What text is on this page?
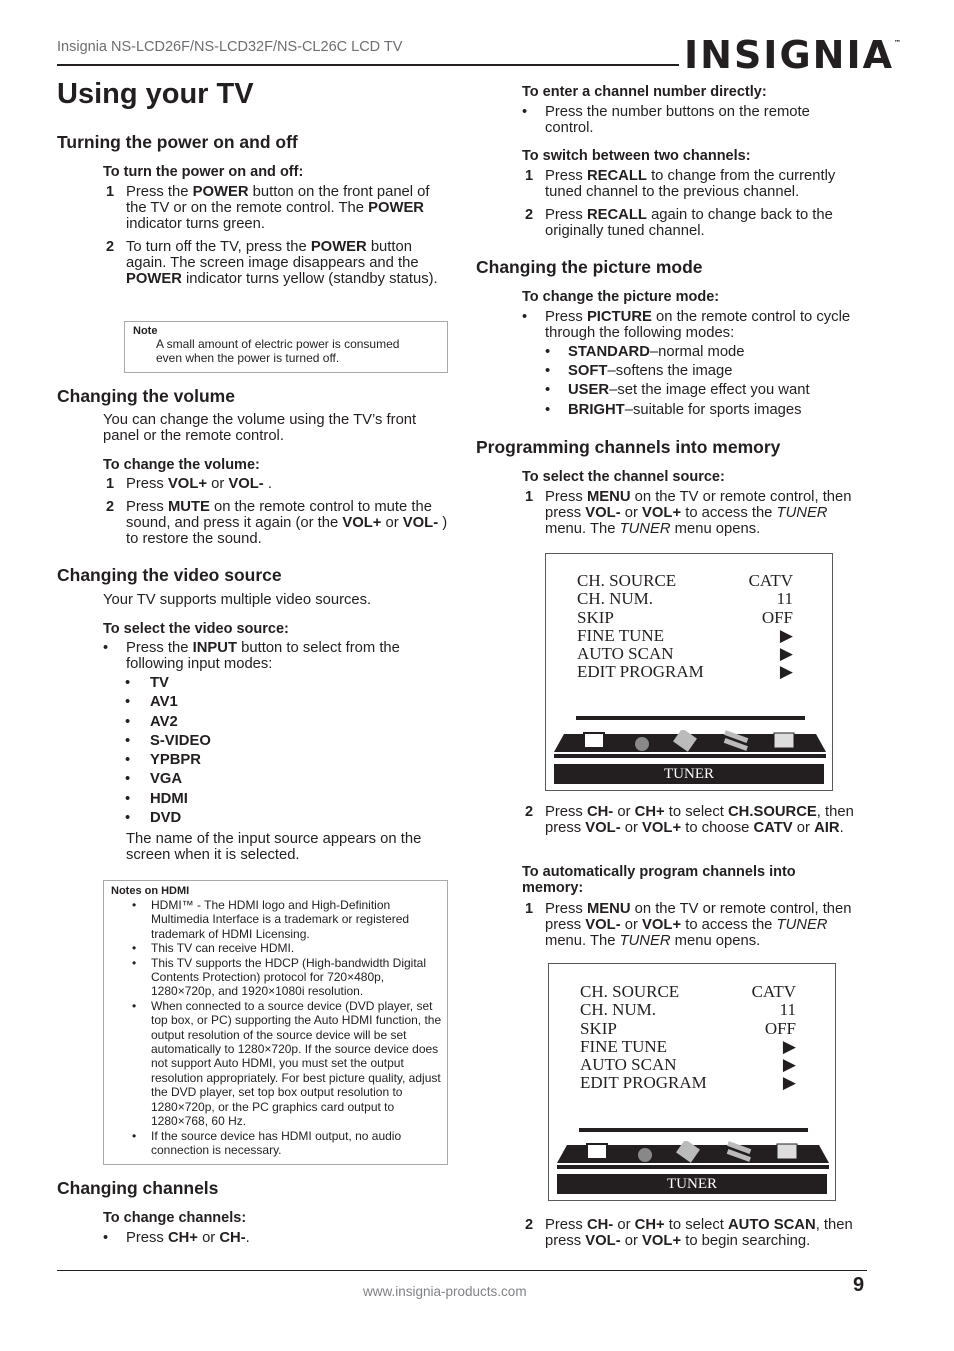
Insignia NS-LCD26F/NS-LCD32F/NS-CL26C LCD TV	INSIGNIA™
Using your TV
Turning the power on and off
To turn the power on and off:
1 Press the POWER button on the front panel of the TV or on the remote control. The POWER indicator turns green.
2 To turn off the TV, press the POWER button again. The screen image disappears and the POWER indicator turns yellow (standby status).
Note
A small amount of electric power is consumed even when the power is turned off.
Changing the volume
You can change the volume using the TV’s front panel or the remote control.
To change the volume:
1 Press VOL+ or VOL- .
2 Press MUTE on the remote control to mute the sound, and press it again (or the VOL+ or VOL- ) to restore the sound.
Changing the video source
Your TV supports multiple video sources.
To select the video source:
• Press the INPUT button to select from the following input modes:
• TV
• AV1
• AV2
• S-VIDEO
• YPBPR
• VGA
• HDMI
• DVD
The name of the input source appears on the screen when it is selected.
Notes on HDMI
• HDMI™ - The HDMI logo and High-Definition Multimedia Interface is a trademark or registered trademark of HDMI Licensing.
• This TV can receive HDMI.
• This TV supports the HDCP (High-bandwidth Digital Contents Protection) protocol for 720×480p, 1280×720p, and 1920×1080i resolution.
• When connected to a source device (DVD player, set top box, or PC) supporting the Auto HDMI function, the output resolution of the source device will be set automatically to 1280×720p. If the source device does not support Auto HDMI, you must set the output resolution appropriately. For best picture quality, adjust the DVD player, set top box output resolution to 1280×720p, or the PC graphics card output to 1280×768, 60 Hz.
• If the source device has HDMI output, no audio connection is necessary.
Changing channels
To change channels:
• Press CH+ or CH-.
To enter a channel number directly:
• Press the number buttons on the remote control.
To switch between two channels:
1 Press RECALL to change from the currently tuned channel to the previous channel.
2 Press RECALL again to change back to the originally tuned channel.
Changing the picture mode
To change the picture mode:
• Press PICTURE on the remote control to cycle through the following modes:
• STANDARD–normal mode
• SOFT–softens the image
• USER–set the image effect you want
• BRIGHT–suitable for sports images
Programming channels into memory
To select the channel source:
1 Press MENU on the TV or remote control, then press VOL- or VOL+ to access the TUNER menu. The TUNER menu opens.
CH. SOURCE	CATV
CH. NUM.	11
SKIP	OFF
FINE TUNE	▶
AUTO SCAN	▶
EDIT PROGRAM	▶
TUNER
2 Press CH- or CH+ to select CH.SOURCE, then press VOL- or VOL+ to choose CATV or AIR.
To automatically program channels into memory:
1 Press MENU on the TV or remote control, then press VOL- or VOL+ to access the TUNER menu. The TUNER menu opens.
CH. SOURCE	CATV
CH. NUM.	11
SKIP	OFF
FINE TUNE	▶
AUTO SCAN	▶
EDIT PROGRAM	▶
TUNER
2 Press CH- or CH+ to select AUTO SCAN, then press VOL- or VOL+ to begin searching.
www.insignia-products.com	9
